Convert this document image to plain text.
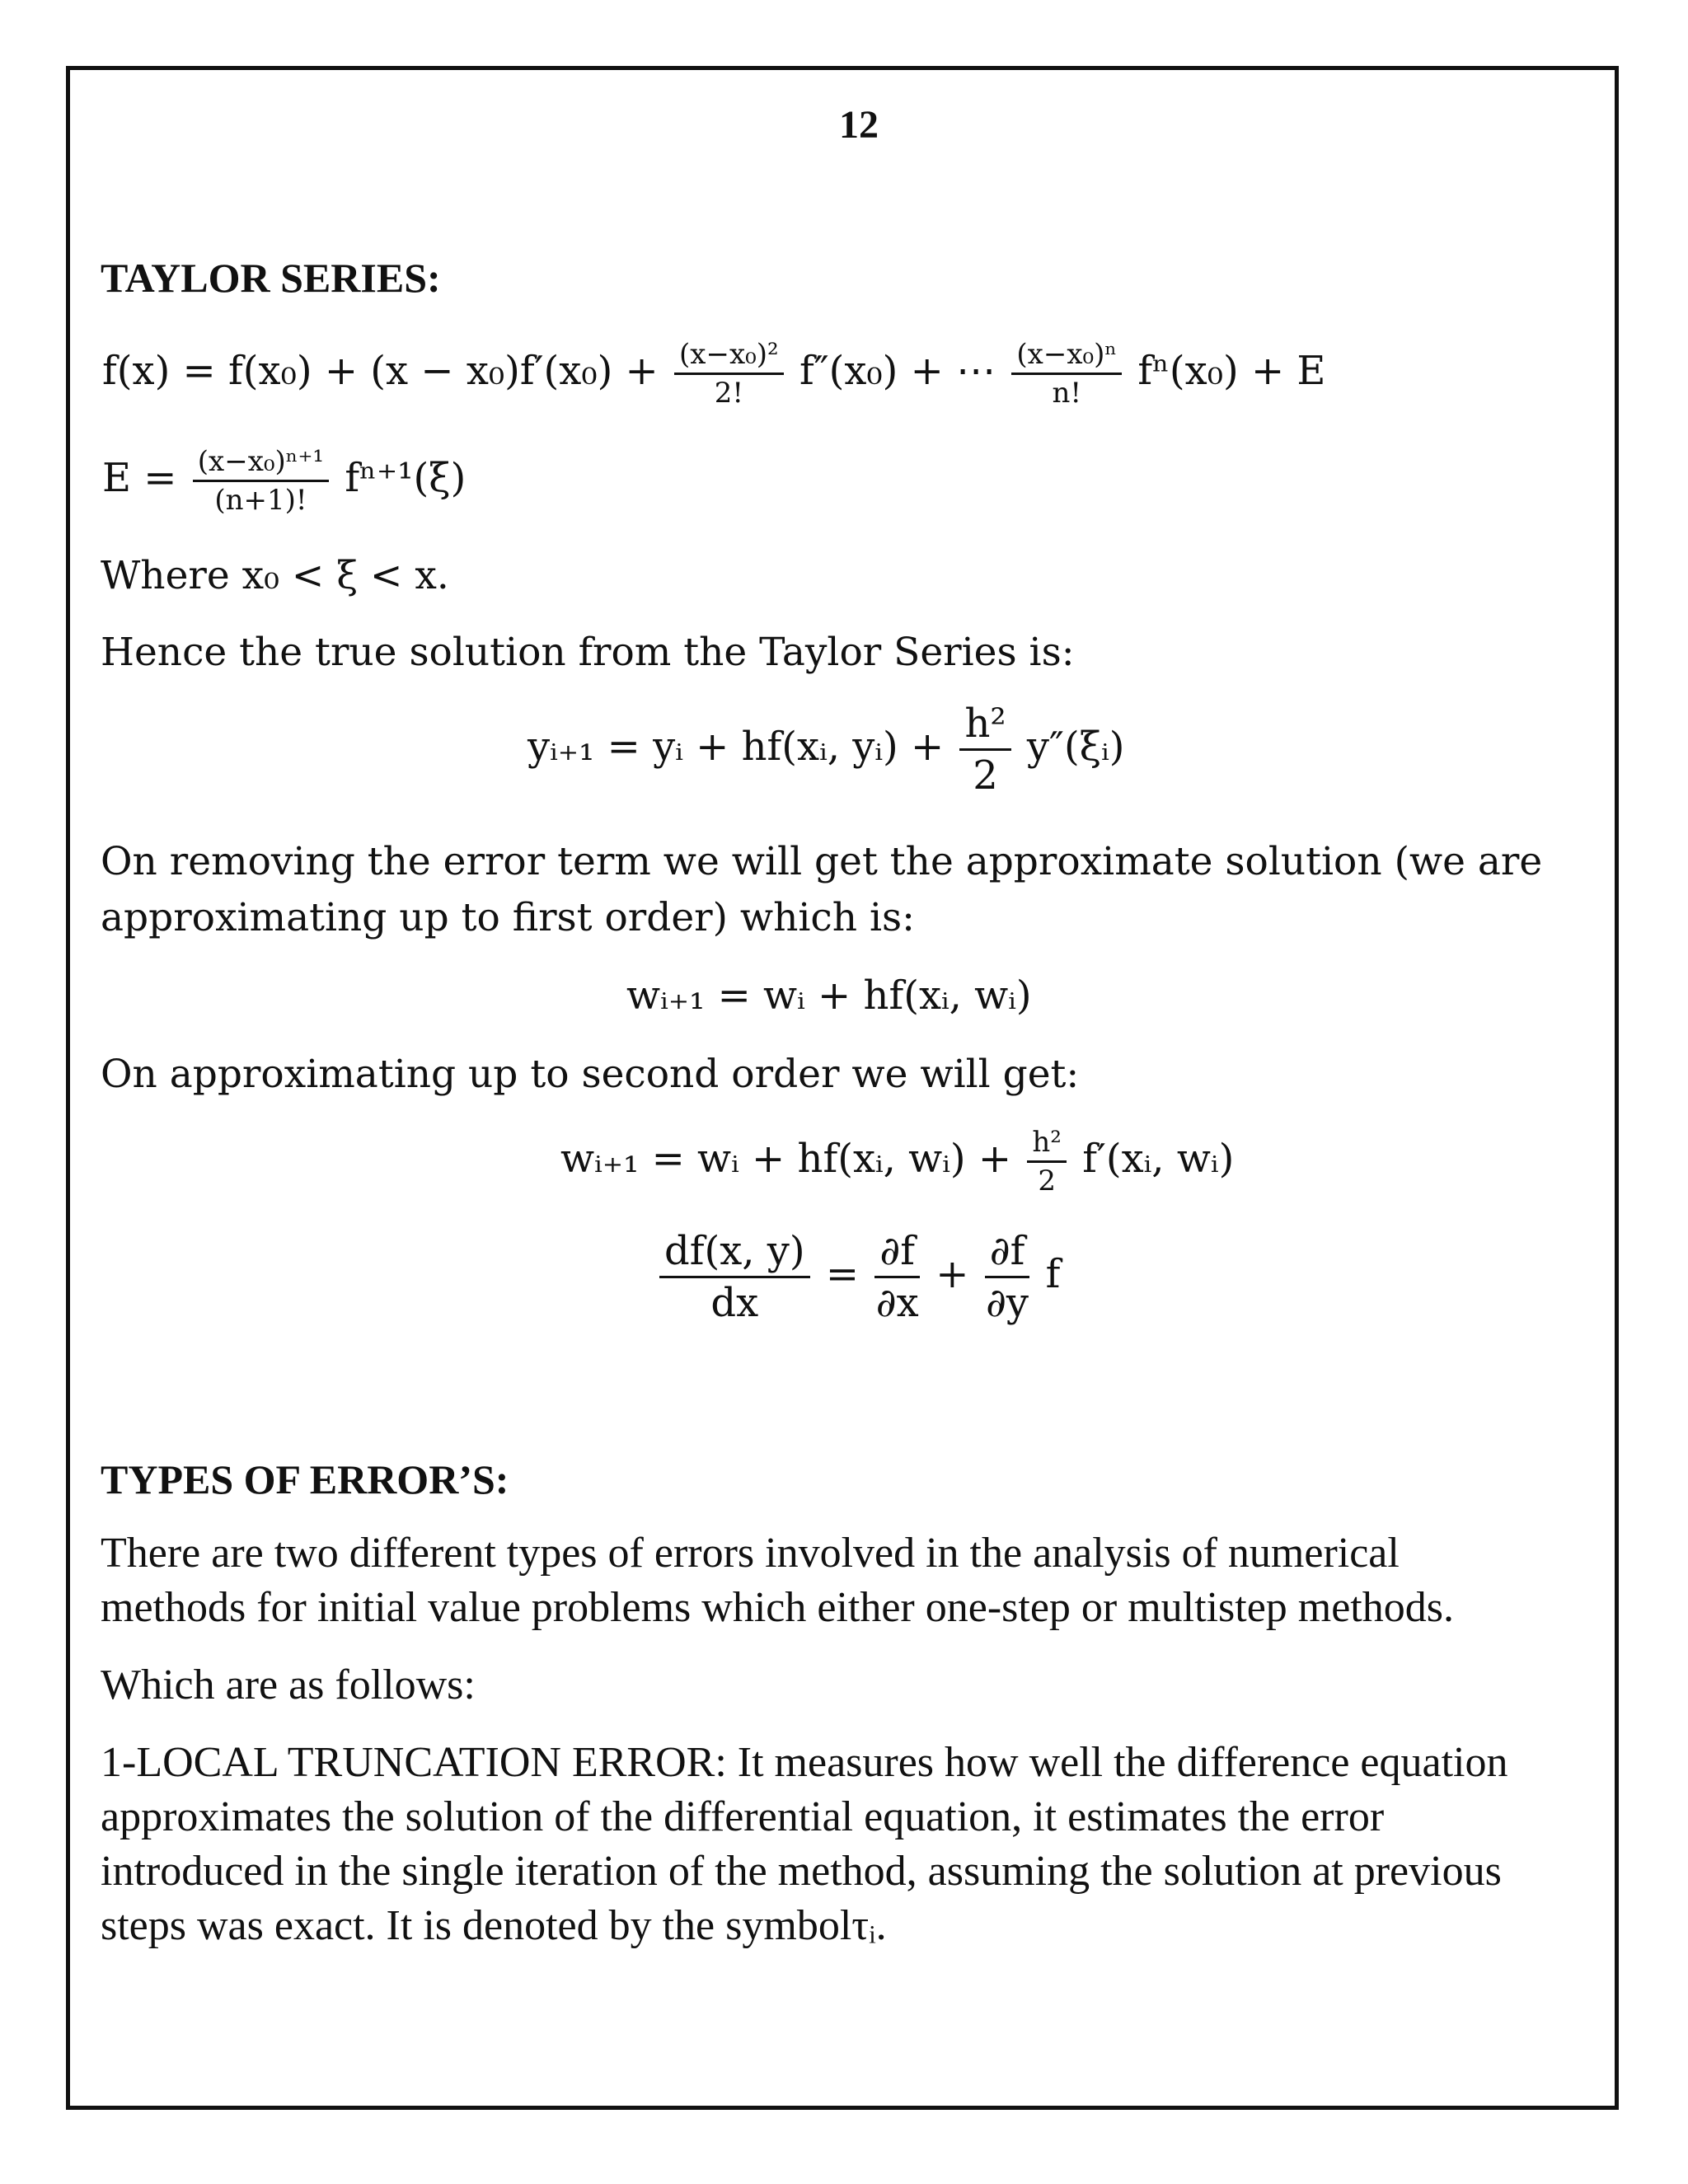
12
TAYLOR SERIES:
$f(x) = f(x_0) + (x - x_0)f'(x_0) + \frac{\text{(x−x₀)²}}{2!} f''(x_0)$ + ⋯ $\frac{\text{(x−x₀)ⁿ}}{n!} f^n(x_0) + E$
$E = \frac{\text{(x−x₀)ⁿ⁺¹}}{(n+1)!} f^{n+1}(\xi)$
Where x₀ < ξ < x.
Hence the true solution from the Taylor Series is:
yᵢ₊₁ = yᵢ + hf(xᵢ, yᵢ) + $\frac{\text{h²}}{2}$ y″(ξᵢ)
On removing the error term we will get the approximate solution (we are
approximating up to first order) which is:
wᵢ₊₁ = wᵢ + hf(xᵢ, wᵢ)
On approximating up to second order we will get:
wᵢ₊₁ = wᵢ + hf(xᵢ, wᵢ) + $\frac{\text{h²}}{2}$ f′(xᵢ, wᵢ)
$\frac{df(x, y)}{dx} = \frac{\partial f}{\partial x} + \frac{\partial f}{\partial y}$ f
TYPES OF ERROR’S:
There are two different types of errors involved in the analysis of numerical
methods for initial value problems which either one-step or multistep methods.
Which are as follows:
1-LOCAL TRUNCATION ERROR: It measures how well the difference equation
approximates the solution of the differential equation, it estimates the error
introduced in the single iteration of the method, assuming the solution at previous
steps was exact. It is denoted by the symbolτᵢ.
